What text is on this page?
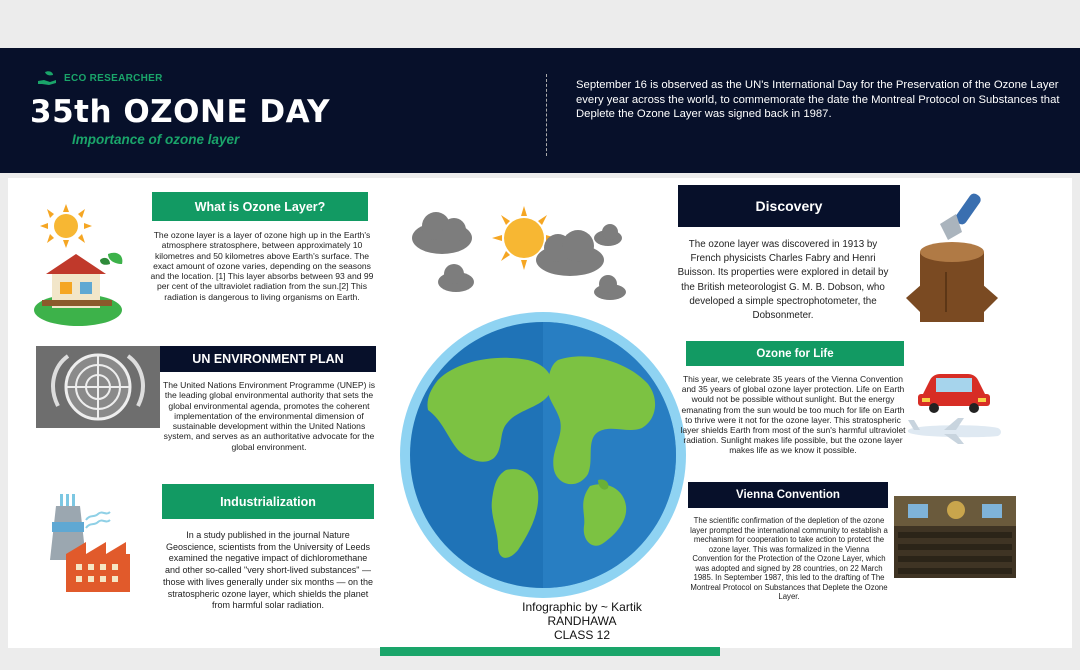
ECO RESEARCHER
35th OZONE DAY
Importance of ozone layer
September 16 is observed as the UN's International Day for the Preservation of the Ozone Layer every year across the world, to commemorate the date the Montreal Protocol on Substances that Deplete the Ozone Layer was signed back in 1987.
What is Ozone Layer?
The ozone layer is a layer of ozone high up in the Earth's atmosphere stratosphere, between approximately 10 kilometres and 50 kilometres above Earth's surface. The exact amount of ozone varies, depending on the seasons and the location. [1] This layer absorbs between 93 and 99 per cent of the ultraviolet radiation from the sun.[2] This radiation is dangerous to living organisms on Earth.
UN ENVIRONMENT PLAN
The United Nations Environment Programme (UNEP) is the leading global environmental authority that sets the global environmental agenda, promotes the coherent implementation of the environmental dimension of sustainable development within the United Nations system, and serves as an authoritative advocate for the global environment.
Industrialization
In a study published in the journal Nature Geoscience, scientists from the University of Leeds examined the negative impact of dichloromethane and other so-called "very short-lived substances" — those with lives generally under six months — on the stratospheric ozone layer, which shields the planet from harmful solar radiation.	Infographic by ~ Kartik
RANDHAWA
CLASS 12
Discovery
The ozone layer was discovered in 1913 by French physicists Charles Fabry and Henri Buisson. Its properties were explored in detail by the British meteorologist G. M. B. Dobson, who developed a simple spectrophotometer, the Dobsonmeter.
Ozone for Life
This year, we celebrate 35 years of the Vienna Convention and 35 years of global ozone layer protection. Life on Earth would not be possible without sunlight. But the energy emanating from the sun would be too much for life on Earth to thrive were it not for the ozone layer. This stratospheric layer shields Earth from most of the sun's harmful ultraviolet radiation. Sunlight makes life possible, but the ozone layer makes life as we know it possible.
Vienna Convention
The scientific confirmation of the depletion of the ozone layer prompted the international community to establish a mechanism for cooperation to take action to protect the ozone layer. This was formalized in the Vienna Convention for the Protection of the Ozone Layer, which was adopted and signed by 28 countries, on 22 March 1985. In September 1987, this led to the drafting of The Montreal Protocol on Substances that Deplete the Ozone Layer.
